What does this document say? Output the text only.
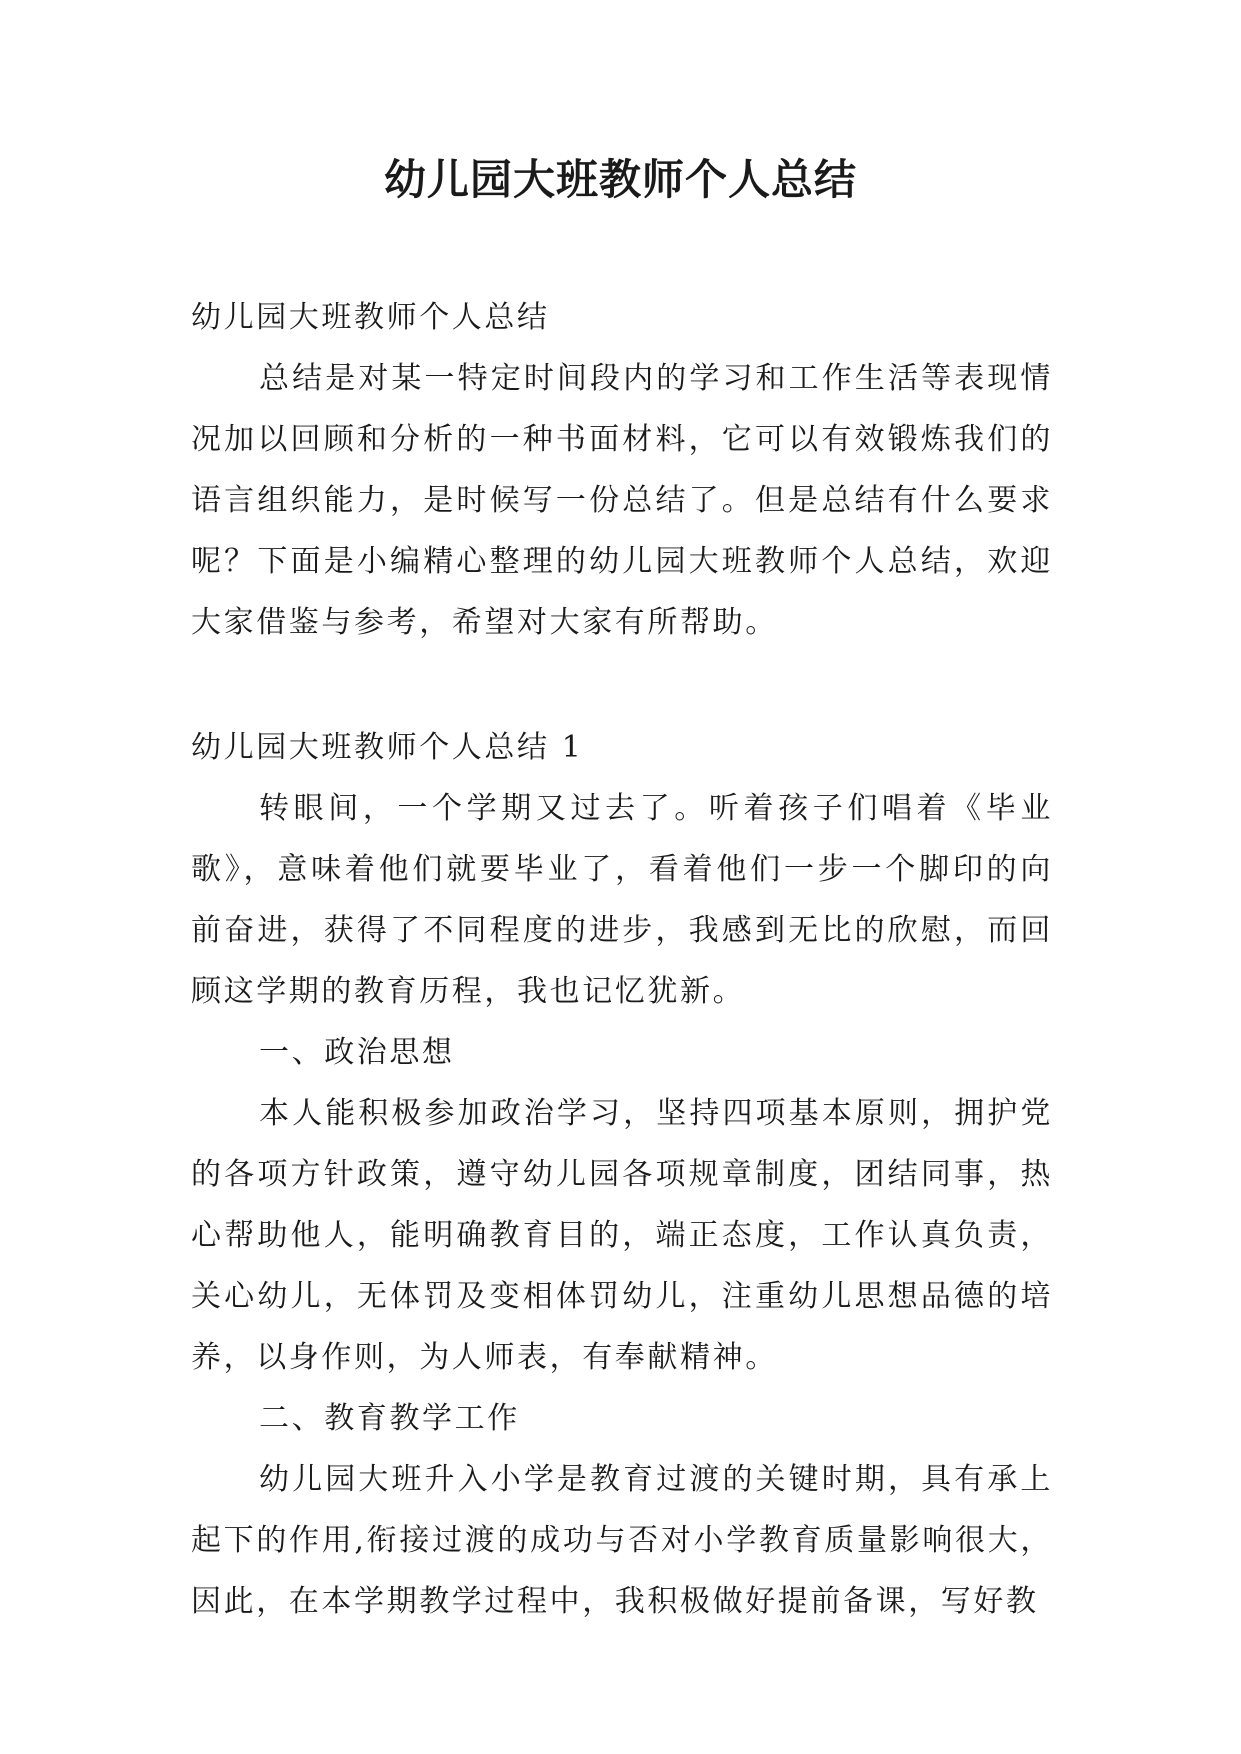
幼儿园大班教师个人总结

幼儿园大班教师个人总结

总结是对某一特定时间段内的学习和工作生活等表现情况加以回顾和分析的一种书面材料，它可以有效锻炼我们的语言组织能力，是时候写一份总结了。但是总结有什么要求呢？下面是小编精心整理的幼儿园大班教师个人总结，欢迎大家借鉴与参考，希望对大家有所帮助。

幼儿园大班教师个人总结 1

转眼间，一个学期又过去了。听着孩子们唱着《毕业歌》，意味着他们就要毕业了，看着他们一步一个脚印的向前奋进，获得了不同程度的进步，我感到无比的欣慰，而回顾这学期的教育历程，我也记忆犹新。

一、政治思想

本人能积极参加政治学习，坚持四项基本原则，拥护党的各项方针政策，遵守幼儿园各项规章制度，团结同事，热心帮助他人，能明确教育目的，端正态度，工作认真负责，关心幼儿，无体罚及变相体罚幼儿，注重幼儿思想品德的培养，以身作则，为人师表，有奉献精神。

二、教育教学工作

幼儿园大班升入小学是教育过渡的关键时期，具有承上起下的作用,衔接过渡的成功与否对小学教育质量影响很大，因此，在本学期教学过程中，我积极做好提前备课，写好教
